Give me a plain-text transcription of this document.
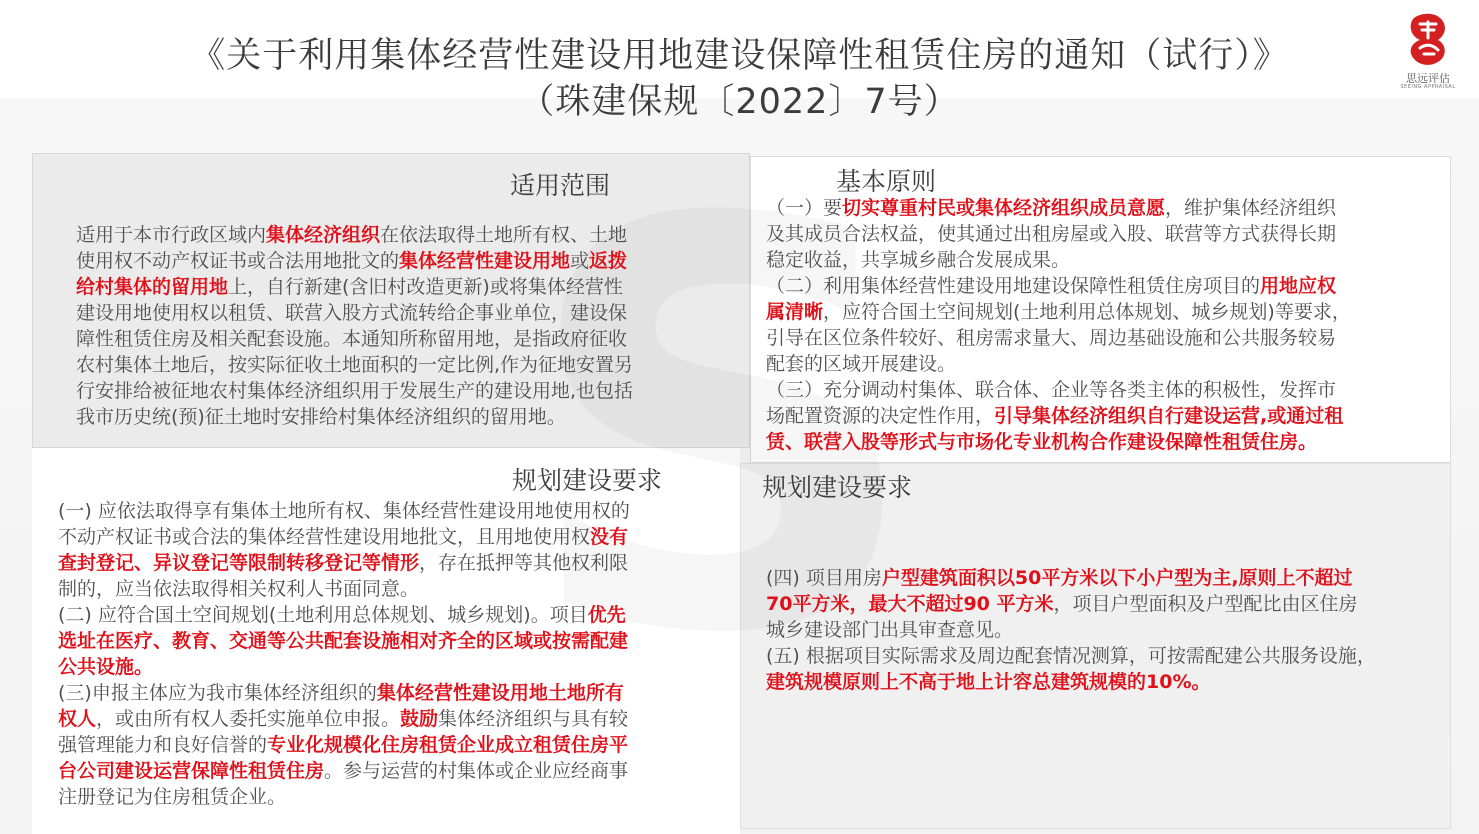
《关于利用集体经营性建设用地建设保障性租赁住房的通知（试行）》
（珠建保规〔2022〕7号）
思远评估
SEEING APPRAISAL
适用范围
适用于本市行政区域内集体经济组织在依法取得土地所有权、土地
使用权不动产权证书或合法用地批文的集体经营性建设用地或返拨
给村集体的留用地上，自行新建(含旧村改造更新)或将集体经营性
建设用地使用权以租赁、联营入股方式流转给企事业单位，建设保
障性租赁住房及相关配套设施。本通知所称留用地，是指政府征收
农村集体土地后，按实际征收土地面积的一定比例,作为征地安置另
行安排给被征地农村集体经济组织用于发展生产的建设用地,也包括
我市历史统(预)征土地时安排给村集体经济组织的留用地。
基本原则
（一）要切实尊重村民或集体经济组织成员意愿，维护集体经济组织
及其成员合法权益，使其通过出租房屋或入股、联营等方式获得长期
稳定收益，共享城乡融合发展成果。
（二）利用集体经营性建设用地建设保障性租赁住房项目的用地应权
属清晰，应符合国土空间规划(土地利用总体规划、城乡规划)等要求，
引导在区位条件较好、租房需求量大、周边基础设施和公共服务较易
配套的区域开展建设。
（三）充分调动村集体、联合体、企业等各类主体的积极性，发挥市
场配置资源的决定性作用，引导集体经济组织自行建设运营,或通过租
赁、联营入股等形式与市场化专业机构合作建设保障性租赁住房。
规划建设要求
(一) 应依法取得享有集体土地所有权、集体经营性建设用地使用权的
不动产权证书或合法的集体经营性建设用地批文，且用地使用权没有
查封登记、异议登记等限制转移登记等情形，存在抵押等其他权利限
制的，应当依法取得相关权利人书面同意。
(二) 应符合国土空间规划(土地利用总体规划、城乡规划)。项目优先
选址在医疗、教育、交通等公共配套设施相对齐全的区域或按需配建
公共设施。
(三)申报主体应为我市集体经济组织的集体经营性建设用地土地所有
权人，或由所有权人委托实施单位申报。鼓励集体经济组织与具有较
强管理能力和良好信誉的专业化规模化住房租赁企业成立租赁住房平
台公司建设运营保障性租赁住房。参与运营的村集体或企业应经商事
注册登记为住房租赁企业。
规划建设要求
(四) 项目用房户型建筑面积以50平方米以下小户型为主,原则上不超过
70平方米，最大不超过90 平方米，项目户型面积及户型配比由区住房
城乡建设部门出具审查意见。
(五) 根据项目实际需求及周边配套情况测算，可按需配建公共服务设施，
建筑规模原则上不高于地上计容总建筑规模的10%。
